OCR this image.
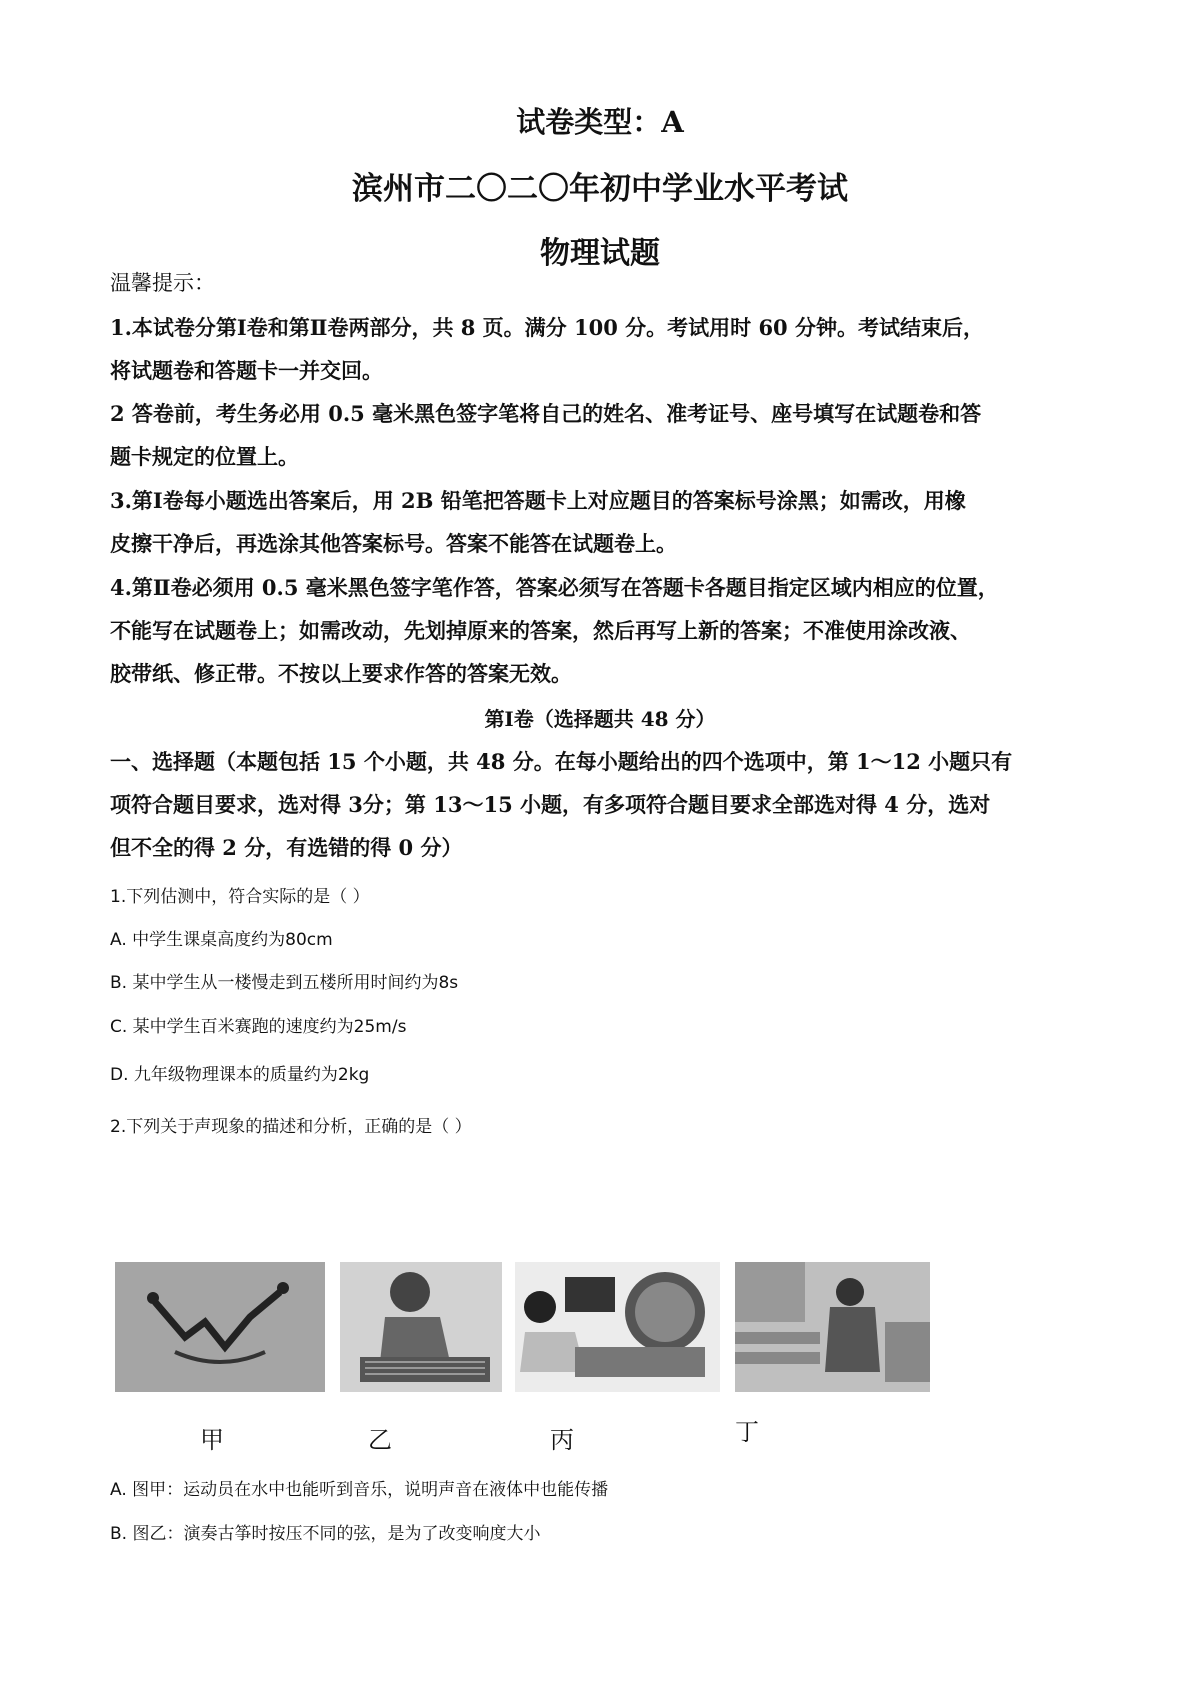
试卷类型：A
滨州市二〇二〇年初中学业水平考试
物理试题
温馨提示：
1.本试卷分第Ⅰ卷和第Ⅱ卷两部分，共 8 页。满分 100 分。考试用时 60 分钟。考试结束后，
将试题卷和答题卡一并交回。
2 答卷前，考生务必用 0.5 毫米黑色签字笔将自己的姓名、准考证号、座号填写在试题卷和答
题卡规定的位置上。
3.第Ⅰ卷每小题选出答案后，用 2B 铅笔把答题卡上对应题目的答案标号涂黑；如需改，用橡
皮擦干净后，再选涂其他答案标号。答案不能答在试题卷上。
4.第Ⅱ卷必须用 0.5 毫米黑色签字笔作答，答案必须写在答题卡各题目指定区域内相应的位置，
不能写在试题卷上；如需改动，先划掉原来的答案，然后再写上新的答案；不准使用涂改液、
胶带纸、修正带。不按以上要求作答的答案无效。
第Ⅰ卷（选择题共 48 分）
一、选择题（本题包括 15 个小题，共 48 分。在每小题给出的四个选项中，第 1～12 小题只有
项符合题目要求，选对得 3分；第 13～15 小题，有多项符合题目要求全部选对得 4 分，选对
但不全的得 2 分，有选错的得 0 分）
1.下列估测中，符合实际的是（ ）
A. 中学生课桌高度约为80cm
B. 某中学生从一楼慢走到五楼所用时间约为8s
C. 某中学生百米赛跑的速度约为25m/s
D. 九年级物理课本的质量约为2kg
2.下列关于声现象的描述和分析，正确的是（ ）
甲	乙	丙	丁
A. 图甲：运动员在水中也能听到音乐，说明声音在液体中也能传播
B. 图乙：演奏古筝时按压不同的弦，是为了改变响度大小
